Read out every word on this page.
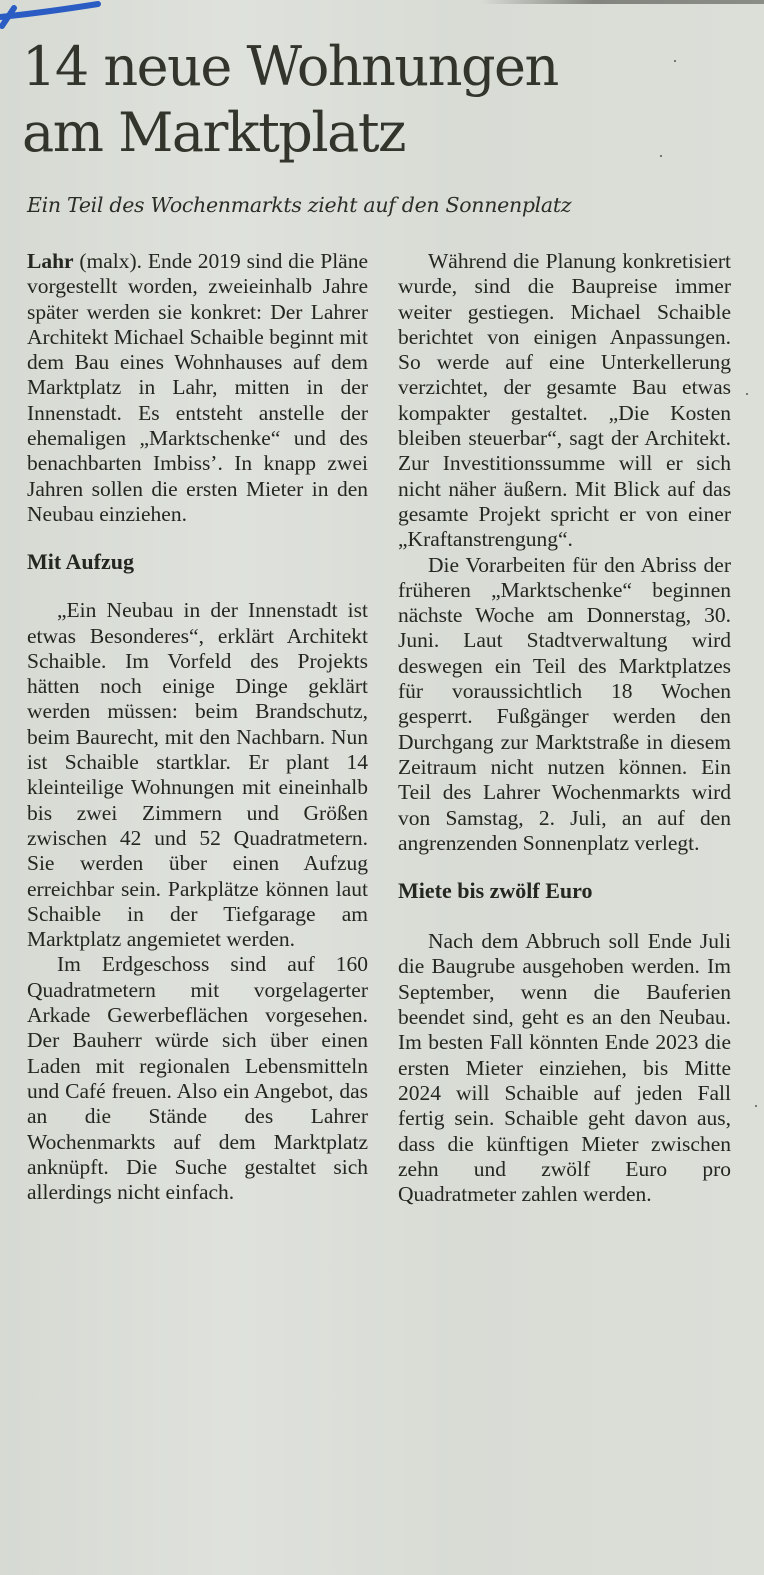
14 neue Wohnungen
am Marktplatz
Ein Teil des Wochenmarkts zieht auf den Sonnenplatz

Lahr (malx). Ende 2019 sind die Pläne vorgestellt worden, zweieinhalb Jahre später werden sie konkret: Der Lahrer Architekt Michael Schaible beginnt mit dem Bau eines Wohnhauses auf dem Marktplatz in Lahr, mitten in der Innenstadt. Es entsteht anstelle der ehemaligen „Marktschenke“ und des benachbarten Imbiss’. In knapp zwei Jahren sollen die ersten Mieter in den Neubau einziehen.

Mit Aufzug

„Ein Neubau in der Innenstadt ist etwas Besonderes“, erklärt Architekt Schaible. Im Vorfeld des Projekts hätten noch einige Dinge geklärt werden müssen: beim Brandschutz, beim Baurecht, mit den Nachbarn. Nun ist Schaible startklar. Er plant 14 kleinteilige Wohnungen mit eineinhalb bis zwei Zimmern und Größen zwischen 42 und 52 Quadratmetern. Sie werden über einen Aufzug erreichbar sein. Parkplätze können laut Schaible in der Tiefgarage am Marktplatz angemietet werden.

Im Erdgeschoss sind auf 160 Quadratmetern mit vorgelagerter Arkade Gewerbeflächen vorgesehen. Der Bauherr würde sich über einen Laden mit regionalen Lebensmitteln und Café freuen. Also ein Angebot, das an die Stände des Lahrer Wochenmarkts auf dem Marktplatz anknüpft. Die Suche gestaltet sich allerdings nicht einfach.

Während die Planung konkretisiert wurde, sind die Baupreise immer weiter gestiegen. Michael Schaible berichtet von einigen Anpassungen. So werde auf eine Unterkellerung verzichtet, der gesamte Bau etwas kompakter gestaltet. „Die Kosten bleiben steuerbar“, sagt der Architekt. Zur Investitionssumme will er sich nicht näher äußern. Mit Blick auf das gesamte Projekt spricht er von einer „Kraftanstrengung“.

Die Vorarbeiten für den Abriss der früheren „Marktschenke“ beginnen nächste Woche am Donnerstag, 30. Juni. Laut Stadtverwaltung wird deswegen ein Teil des Marktplatzes für voraussichtlich 18 Wochen gesperrt. Fußgänger werden den Durchgang zur Marktstraße in diesem Zeitraum nicht nutzen können. Ein Teil des Lahrer Wochenmarkts wird von Samstag, 2. Juli, an auf den angrenzenden Sonnenplatz verlegt.

Miete bis zwölf Euro

Nach dem Abbruch soll Ende Juli die Baugrube ausgehoben werden. Im September, wenn die Bauferien beendet sind, geht es an den Neubau. Im besten Fall könnten Ende 2023 die ersten Mieter einziehen, bis Mitte 2024 will Schaible auf jeden Fall fertig sein. Schaible geht davon aus, dass die künftigen Mieter zwischen zehn und zwölf Euro pro Quadratmeter zahlen werden.
